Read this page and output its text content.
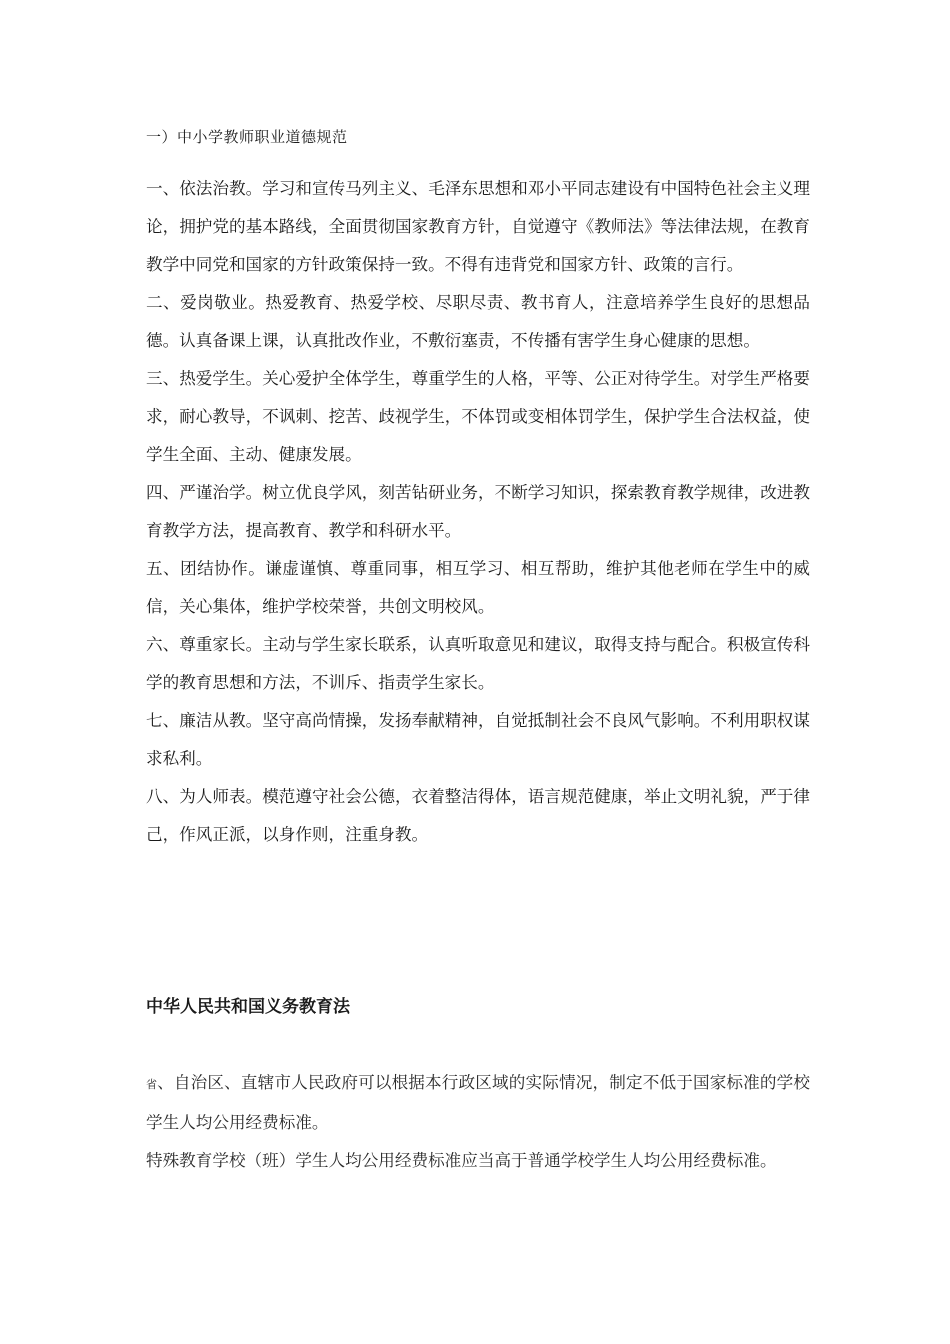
一）中小学教师职业道德规范

一、依法治教。学习和宣传马列主义、毛泽东思想和邓小平同志建设有中国特色社会主义理论，拥护党的基本路线，全面贯彻国家教育方针，自觉遵守《教师法》等法律法规，在教育教学中同党和国家的方针政策保持一致。不得有违背党和国家方针、政策的言行。

二、爱岗敬业。热爱教育、热爱学校、尽职尽责、教书育人，注意培养学生良好的思想品德。认真备课上课，认真批改作业，不敷衍塞责，不传播有害学生身心健康的思想。

三、热爱学生。关心爱护全体学生，尊重学生的人格，平等、公正对待学生。对学生严格要求，耐心教导，不讽刺、挖苦、歧视学生，不体罚或变相体罚学生，保护学生合法权益，使学生全面、主动、健康发展。

四、严谨治学。树立优良学风，刻苦钻研业务，不断学习知识，探索教育教学规律，改进教育教学方法，提高教育、教学和科研水平。

五、团结协作。谦虚谨慎、尊重同事，相互学习、相互帮助，维护其他老师在学生中的威信，关心集体，维护学校荣誉，共创文明校风。

六、尊重家长。主动与学生家长联系，认真听取意见和建议，取得支持与配合。积极宣传科学的教育思想和方法，不训斥、指责学生家长。

七、廉洁从教。坚守高尚情操，发扬奉献精神，自觉抵制社会不良风气影响。不利用职权谋求私利。

八、为人师表。模范遵守社会公德，衣着整洁得体，语言规范健康，举止文明礼貌，严于律己，作风正派，以身作则，注重身教。

中华人民共和国义务教育法

省、自治区、直辖市人民政府可以根据本行政区域的实际情况，制定不低于国家标准的学校学生人均公用经费标准。

特殊教育学校（班）学生人均公用经费标准应当高于普通学校学生人均公用经费标准。
